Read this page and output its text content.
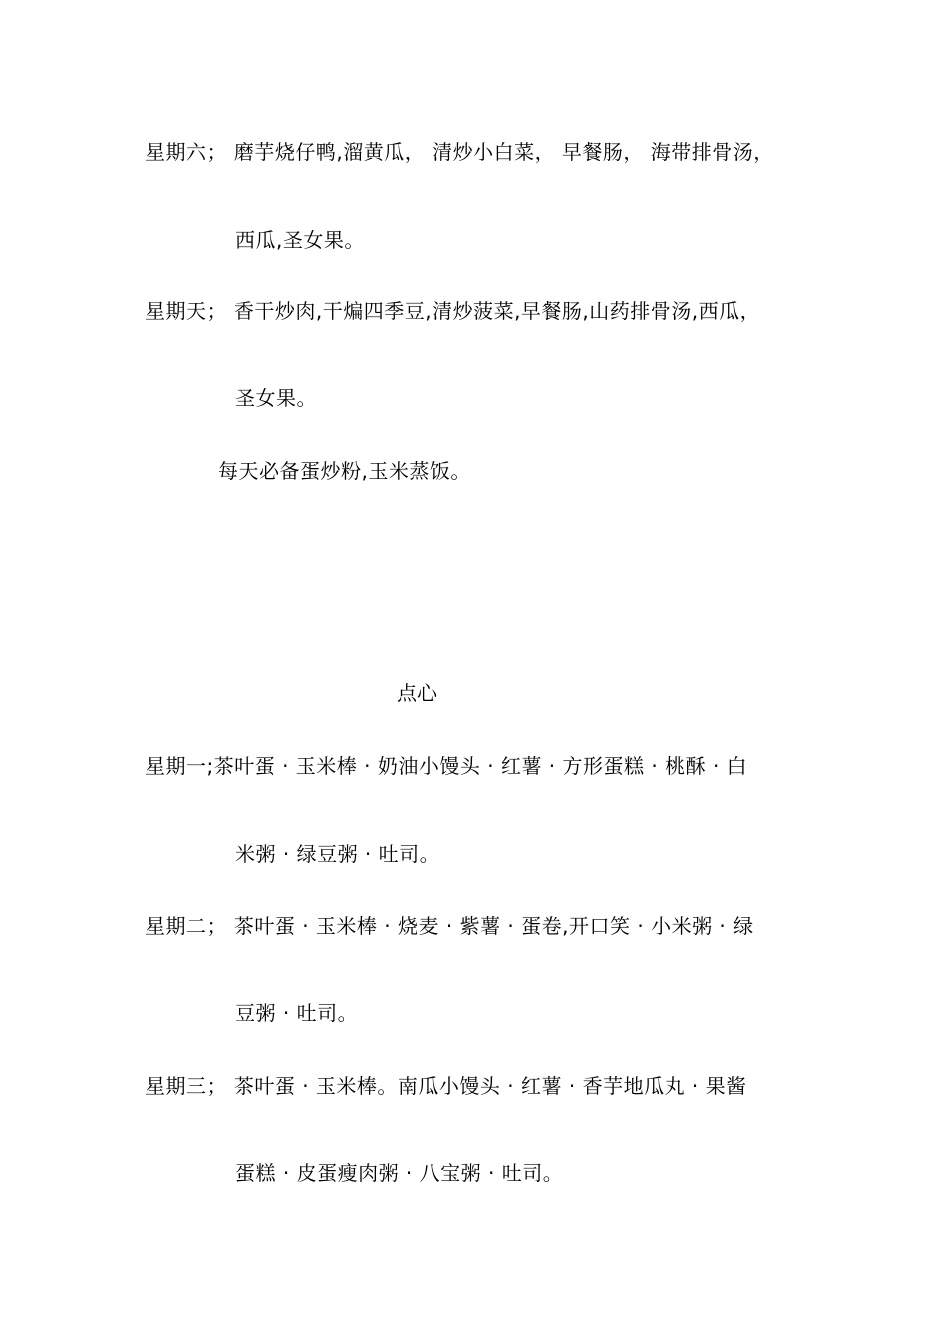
星期六； 磨芋烧仔鸭,溜黄瓜， 清炒小白菜， 早餐肠， 海带排骨汤，
西瓜,圣女果。
星期天； 香干炒肉,干煸四季豆,清炒菠菜,早餐肠,山药排骨汤,西瓜，
圣女果。
每天必备蛋炒粉,玉米蒸饭。
点心
星期一;茶叶蛋 · 玉米棒 · 奶油小馒头 · 红薯 · 方形蛋糕 · 桃酥 · 白
米粥 · 绿豆粥 · 吐司。
星期二； 茶叶蛋 · 玉米棒 · 烧麦 · 紫薯 · 蛋卷,开口笑 · 小米粥 · 绿
豆粥 · 吐司。
星期三； 茶叶蛋 · 玉米棒。南瓜小馒头 · 红薯 · 香芋地瓜丸 · 果酱
蛋糕 · 皮蛋瘦肉粥 · 八宝粥 · 吐司。
